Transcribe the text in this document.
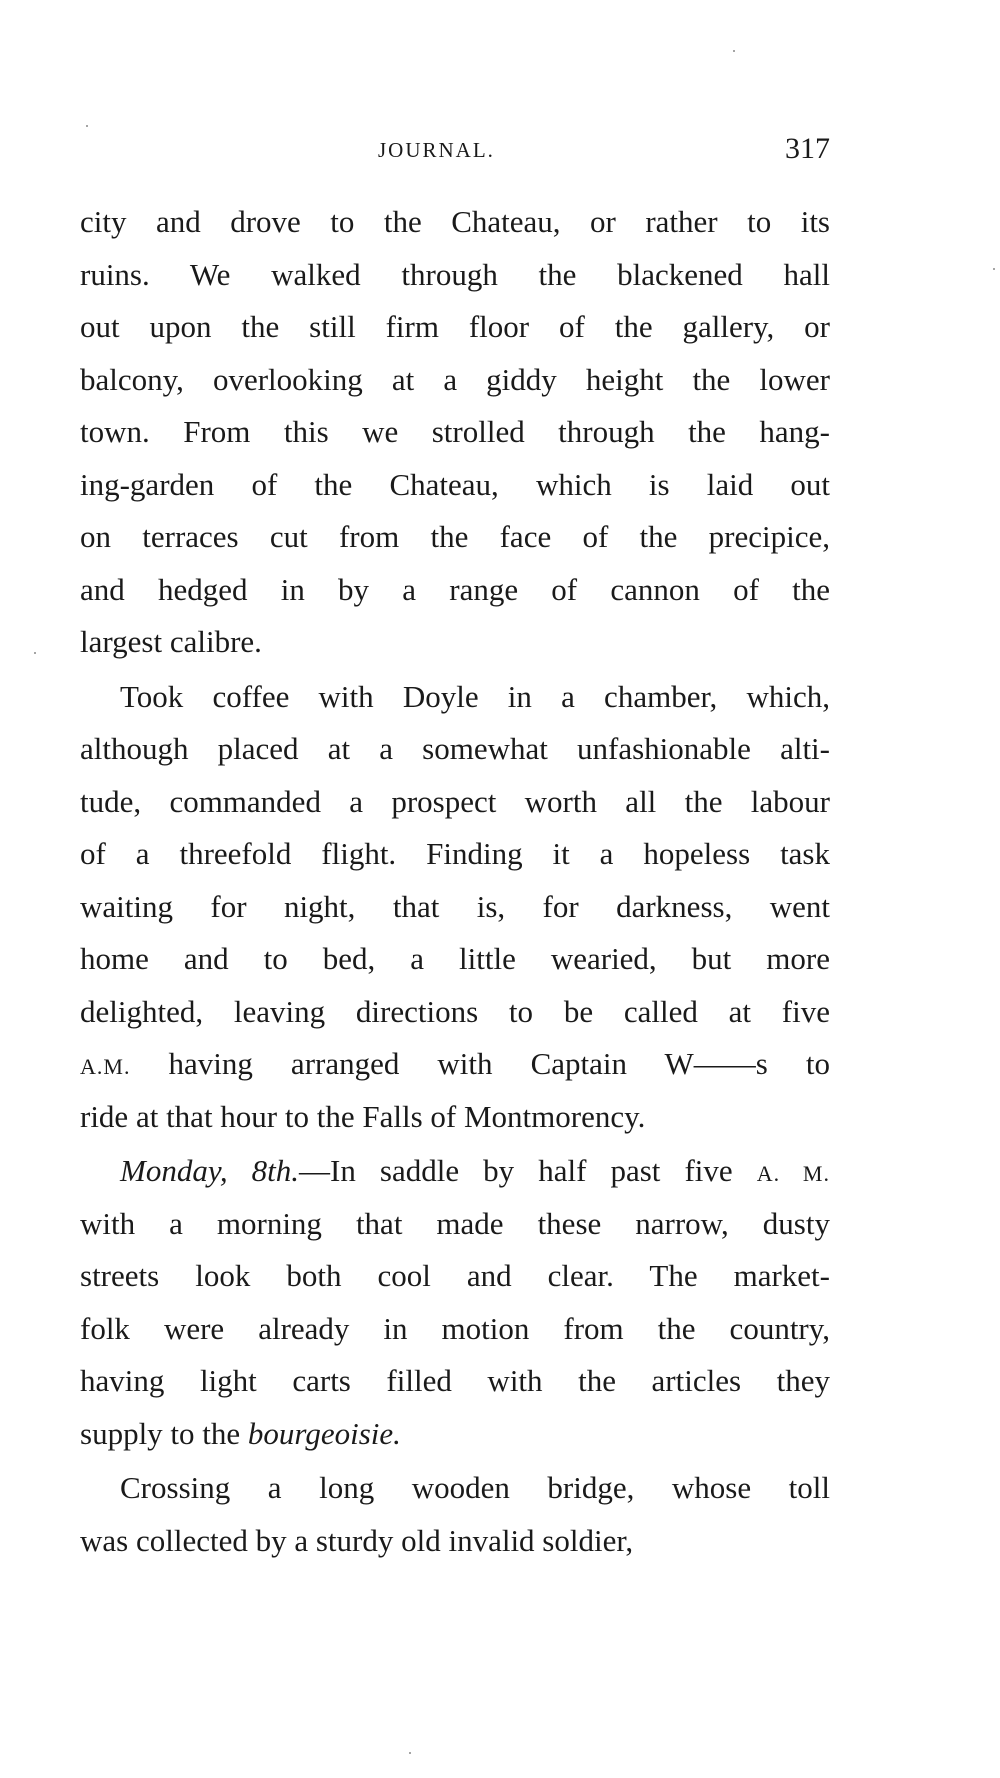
JOURNAL.	317
city and drove to the Chateau, or rather to its
ruins. We walked through the blackened hall
out upon the still firm floor of the gallery, or
balcony, overlooking at a giddy height the lower
town. From this we strolled through the hang-
ing-garden of the Chateau, which is laid out
on terraces cut from the face of the precipice,
and hedged in by a range of cannon of the
largest calibre.
Took coffee with Doyle in a chamber, which,
although placed at a somewhat unfashionable alti-
tude, commanded a prospect worth all the labour
of a threefold flight. Finding it a hopeless task
waiting for night, that is, for darkness, went
home and to bed, a little wearied, but more
delighted, leaving directions to be called at five
A.M. having arranged with Captain W——s to
ride at that hour to the Falls of Montmorency.
Monday, 8th.—In saddle by half past five A. M.
with a morning that made these narrow, dusty
streets look both cool and clear. The market-
folk were already in motion from the country,
having light carts filled with the articles they
supply to the bourgeoisie.
Crossing a long wooden bridge, whose toll
was collected by a sturdy old invalid soldier,
